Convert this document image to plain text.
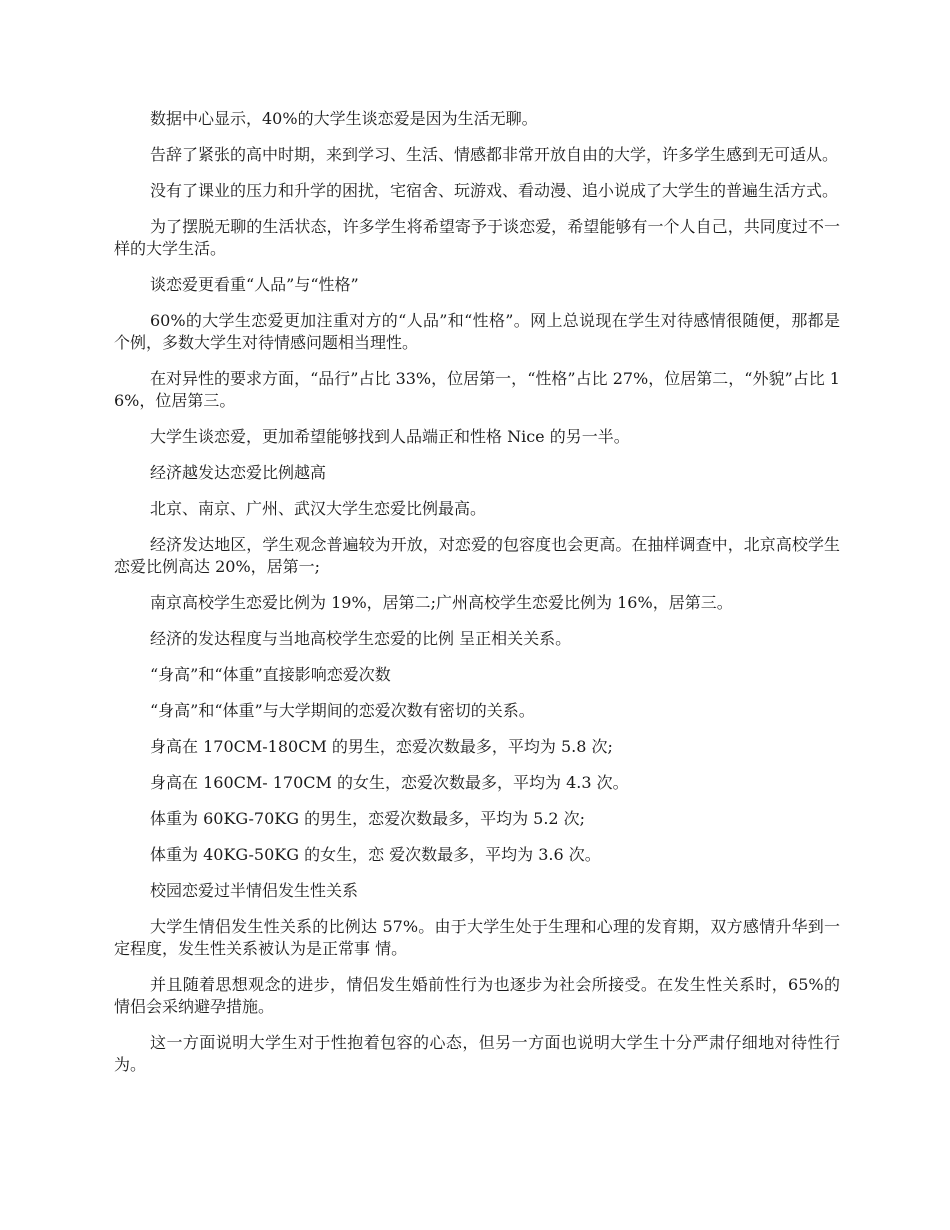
数据中心显示，40%的大学生谈恋爱是因为生活无聊。

告辞了紧张的高中时期，来到学习、生活、情感都非常开放自由的大学，许多学生感到无可适从。

没有了课业的压力和升学的困扰，宅宿舍、玩游戏、看动漫、追小说成了大学生的普遍生活方式。

为了摆脱无聊的生活状态，许多学生将希望寄予于谈恋爱，希望能够有一个人自己，共同度过不一样的大学生活。

谈恋爱更看重“人品”与“性格”

60%的大学生恋爱更加注重对方的“人品”和“性格”。网上总说现在学生对待感情很随便，那都是个例，多数大学生对待情感问题相当理性。

在对异性的要求方面，“品行”占比 33%，位居第一，“性格”占比 27%，位居第二，“外貌”占比 16%，位居第三。

大学生谈恋爱，更加希望能够找到人品端正和性格 Nice 的另一半。

经济越发达恋爱比例越高

北京、南京、广州、武汉大学生恋爱比例最高。

经济发达地区，学生观念普遍较为开放，对恋爱的包容度也会更高。在抽样调查中，北京高校学生恋爱比例高达 20%，居第一;

南京高校学生恋爱比例为 19%，居第二;广州高校学生恋爱比例为 16%，居第三。

经济的发达程度与当地高校学生恋爱的比例 呈正相关关系。

“身高”和“体重”直接影响恋爱次数

“身高”和“体重”与大学期间的恋爱次数有密切的关系。

身高在 170CM-180CM 的男生，恋爱次数最多，平均为 5.8 次;

身高在 160CM- 170CM 的女生，恋爱次数最多，平均为 4.3 次。

体重为 60KG-70KG 的男生，恋爱次数最多，平均为 5.2 次;

体重为 40KG-50KG 的女生，恋 爱次数最多，平均为 3.6 次。

校园恋爱过半情侣发生性关系

大学生情侣发生性关系的比例达 57%。由于大学生处于生理和心理的发育期，双方感情升华到一定程度，发生性关系被认为是正常事 情。

并且随着思想观念的进步，情侣发生婚前性行为也逐步为社会所接受。在发生性关系时，65%的情侣会采纳避孕措施。

这一方面说明大学生对于性抱着包容的心态，但另一方面也说明大学生十分严肃仔细地对待性行为。
